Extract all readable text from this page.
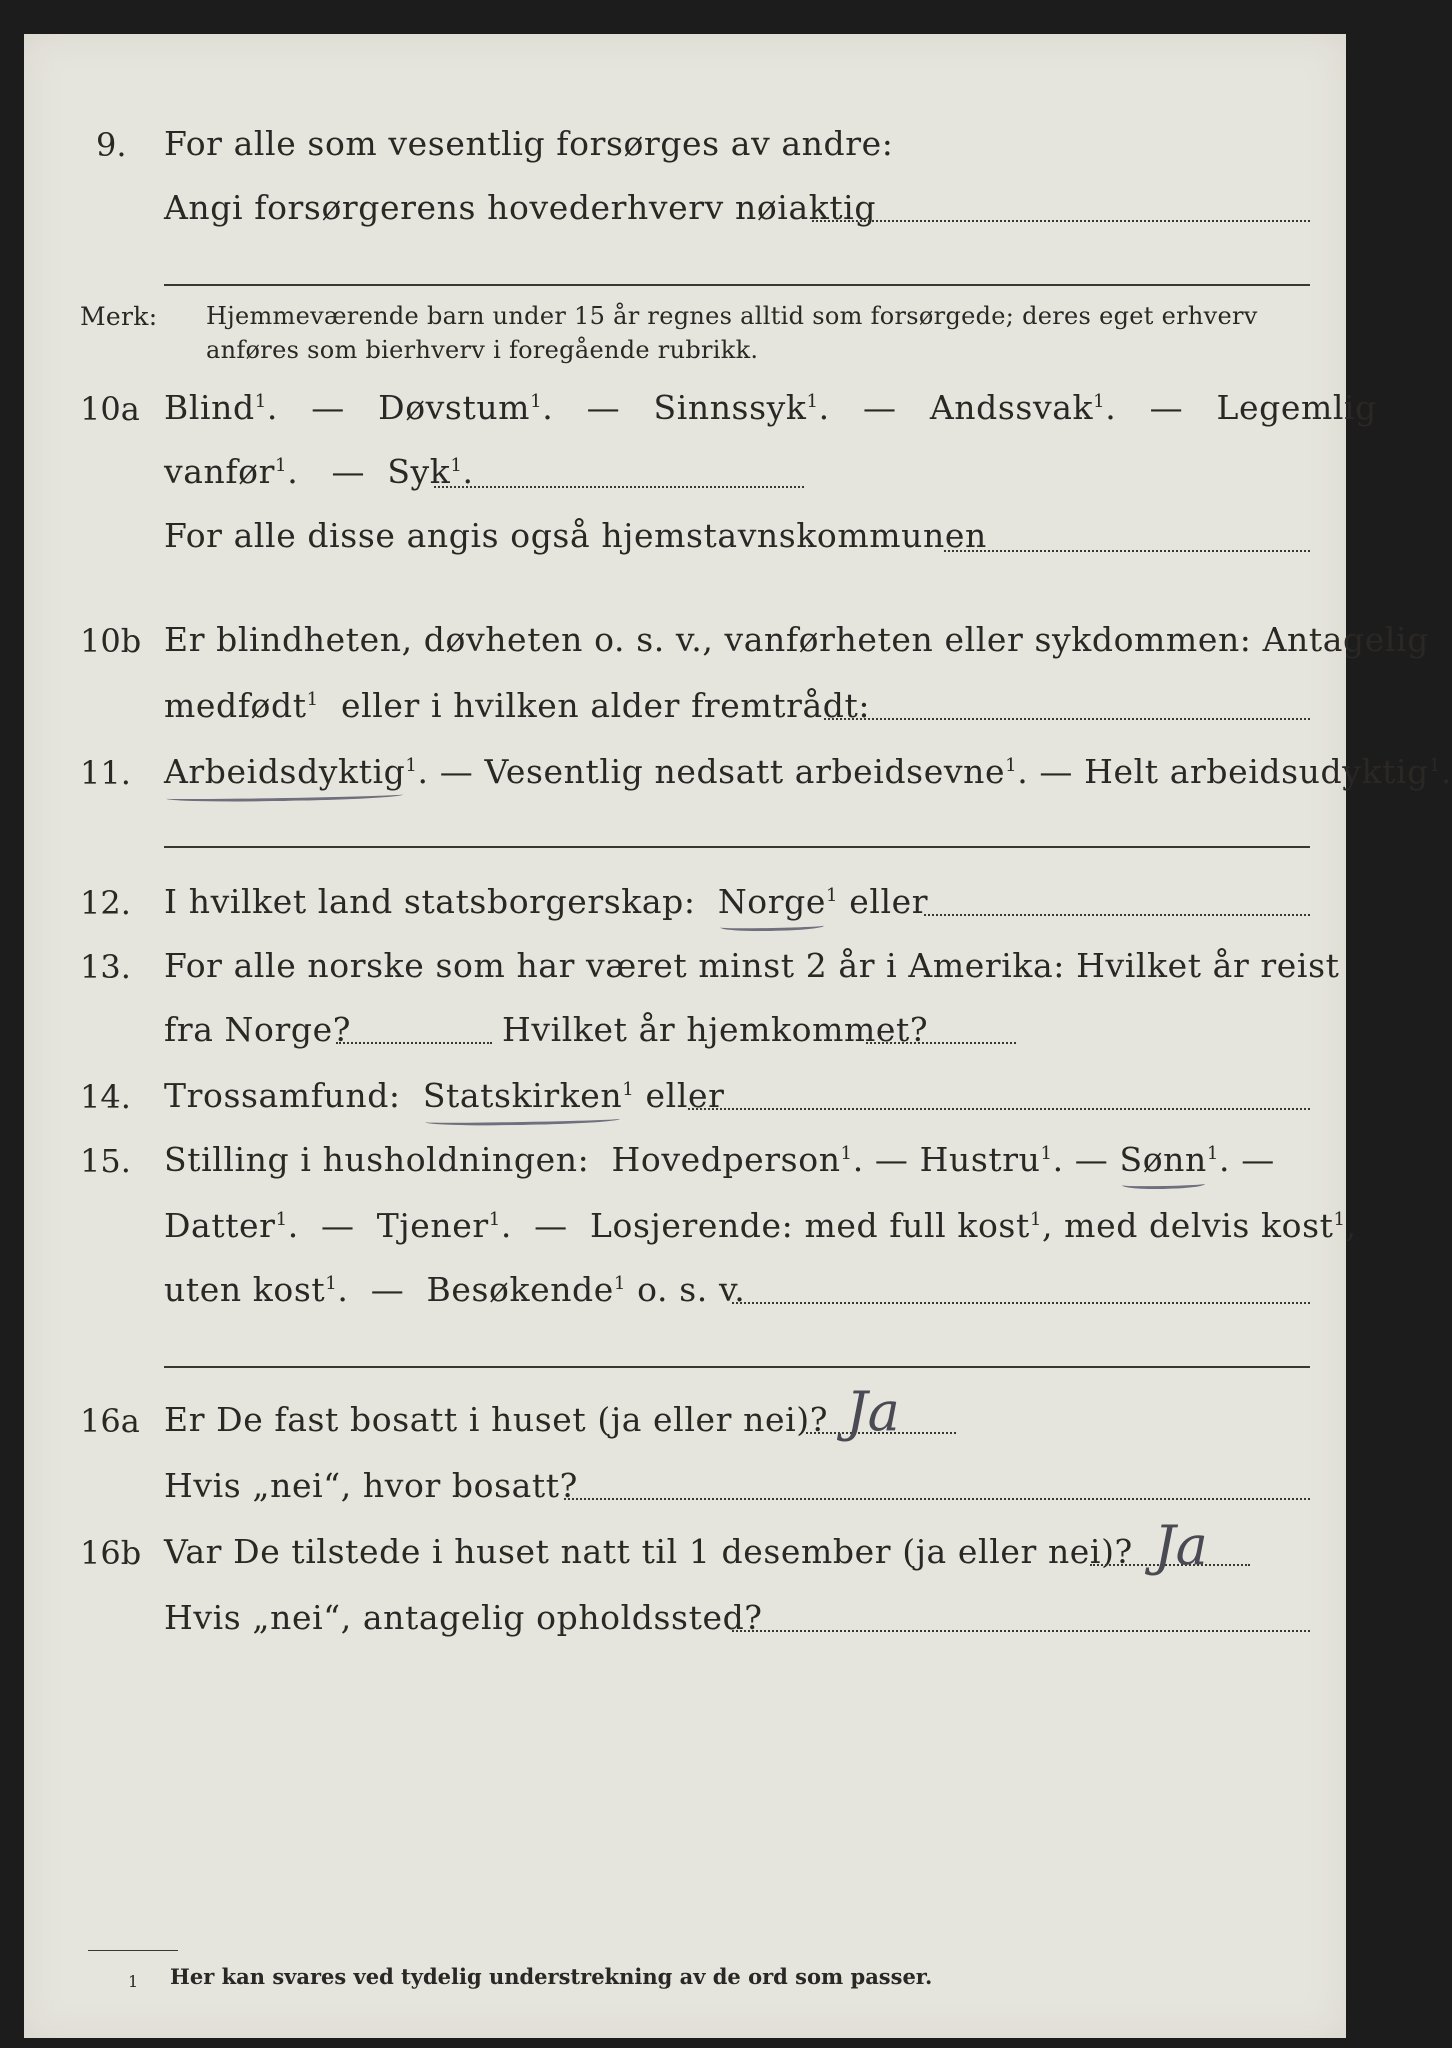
9. For alle som vesentlig forsørges av andre:
Angi forsørgerens hovederhverv nøiaktig
Merk: Hjemmeværende barn under 15 år regnes alltid som forsørgede; deres eget erhverv
anføres som bierhverv i foregående rubrikk.
10a Blind$^1$.   — Døvstum$^1$.   — Sinnssyk$^1$.   — Andssvak$^1$.   — Legemlig
vanfør$^1$.   — Syk$^1$.
For alle disse angis også hjemstavnskommunen
10b Er blindheten, døvheten o. s. v., vanførheten eller sykdommen: Antagelig
medfødt$^1$ eller i hvilken alder fremtrådt:
11. Arbeidsdyktig$^1$. — Vesentlig nedsatt arbeidsevne$^1$. — Helt arbeidsudyktig$^1$.
12. I hvilket land statsborgerskap: Norge$^1$ eller
13. For alle norske som har været minst 2 år i Amerika: Hvilket år reist
fra Norge?	Hvilket år hjemkommet?
14. Trossamfund: Statskirken$^1$ eller
15. Stilling i husholdningen: Hovedperson$^1$. — Hustru$^1$. — Sønn$^1$. —
Datter$^1$.  — Tjener$^1$.  — Losjerende: med full kost$^1$, med delvis kost$^1$,
uten kost$^1$.  — Besøkende$^1$ o. s. v.
16a Er De fast bosatt i huset (ja eller nei)? Ja
Hvis „nei“, hvor bosatt?
16b Var De tilstede i huset natt til 1 desember (ja eller nei)? Ja
Hvis „nei“, antagelig opholdssted?
1 Her kan svares ved tydelig understrekning av de ord som passer.
